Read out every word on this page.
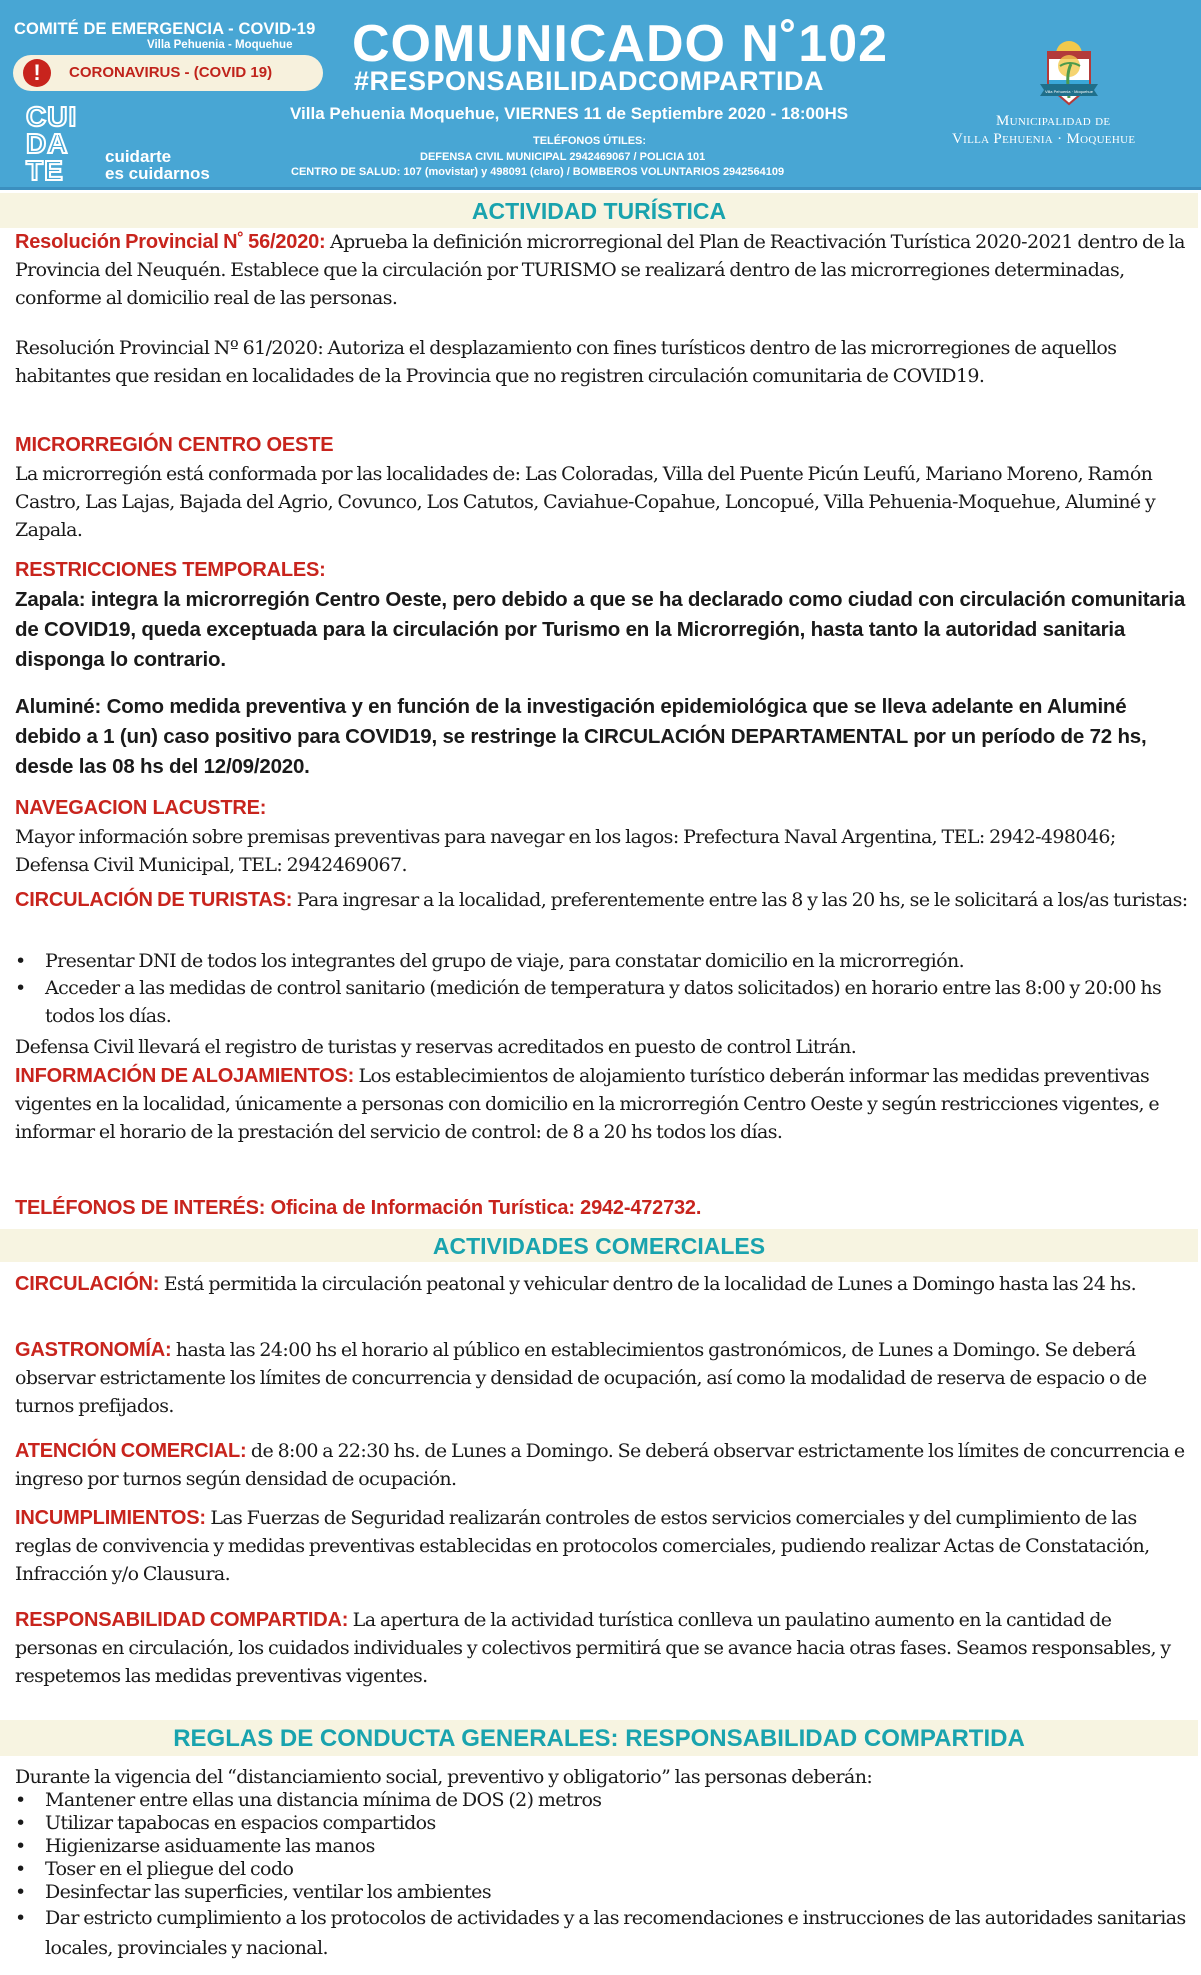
COMITÉ DE EMERGENCIA - COVID-19
Villa Pehuenia - Moquehue
!	CORONAVIRUS - (COVID 19)
CUI
DA
TE	cuidarte
es cuidarnos
COMUNICADO N˚102
#RESPONSABILIDADCOMPARTIDA
Villa Pehuenia Moquehue, VIERNES 11 de Septiembre 2020 - 18:00HS
TELÉFONOS ÚTILES:
DEFENSA CIVIL MUNICIPAL 2942469067 / POLICIA 101
CENTRO DE SALUD: 107 (movistar) y 498091 (claro) / BOMBEROS VOLUNTARIOS 2942564109
Villa Pehuenia · Moquehue
Municipalidad de
Villa Pehuenia · Moquehue
ACTIVIDAD TURÍSTICA

Resolución Provincial N˚ 56/2020: Aprueba la definición microrregional del Plan de Reactivación Turística 2020-2021 dentro de la Provincia del Neuquén. Establece que la circulación por TURISMO se realizará dentro de las microrregiones determinadas, conforme al domicilio real de las personas.

Resolución Provincial Nº 61/2020: Autoriza el desplazamiento con fines turísticos dentro de las microrregiones de aquellos habitantes que residan en localidades de la Provincia que no registren circulación comunitaria de COVID19.

MICRORREGIÓN CENTRO OESTE

La microrregión está conformada por las localidades de: Las Coloradas, Villa del Puente Picún Leufú, Mariano Moreno, Ramón Castro, Las Lajas, Bajada del Agrio, Covunco, Los Catutos, Caviahue-Copahue, Loncopué, Villa Pehuenia-Moquehue, Aluminé y Zapala.

RESTRICCIONES TEMPORALES:

Zapala: integra la microrregión Centro Oeste, pero debido a que se ha declarado como ciudad con circulación comunitaria de COVID19, queda exceptuada para la circulación por Turismo en la Microrregión, hasta tanto la autoridad sanitaria disponga lo contrario.

Aluminé: Como medida preventiva y en función de la investigación epidemiológica que se lleva adelante en Aluminé debido a 1 (un) caso positivo para COVID19, se restringe la CIRCULACIÓN DEPARTAMENTAL por un período de 72 hs, desde las 08 hs del 12/09/2020.

NAVEGACION LACUSTRE:

Mayor información sobre premisas preventivas para navegar en los lagos: Prefectura Naval Argentina, TEL: 2942-498046; Defensa Civil Municipal, TEL: 2942469067.

CIRCULACIÓN DE TURISTAS: Para ingresar a la localidad, preferentemente entre las 8 y las 20 hs, se le solicitará a los/as turistas:

•	Presentar DNI de todos los integrantes del grupo de viaje, para constatar domicilio en la microrregión.
•	Acceder a las medidas de control sanitario (medición de temperatura y datos solicitados) en horario entre las 8:00 y 20:00 hs todos los días.

Defensa Civil llevará el registro de turistas y reservas acreditados en puesto de control Litrán.

INFORMACIÓN DE ALOJAMIENTOS: Los establecimientos de alojamiento turístico deberán informar las medidas preventivas vigentes en la localidad, únicamente a personas con domicilio en la microrregión Centro Oeste y según restricciones vigentes, e informar el horario de la prestación del servicio de control: de 8 a 20 hs todos los días.

TELÉFONOS DE INTERÉS: Oficina de Información Turística: 2942-472732.
ACTIVIDADES COMERCIALES

CIRCULACIÓN: Está permitida la circulación peatonal y vehicular dentro de la localidad de Lunes a Domingo hasta las 24 hs.

GASTRONOMÍA: hasta las 24:00 hs el horario al público en establecimientos gastronómicos, de Lunes a Domingo. Se deberá observar estrictamente los límites de concurrencia y densidad de ocupación, así como la modalidad de reserva de espacio o de turnos prefijados.

ATENCIÓN COMERCIAL: de 8:00 a 22:30 hs. de Lunes a Domingo. Se deberá observar estrictamente los límites de concurrencia e ingreso por turnos según densidad de ocupación.

INCUMPLIMIENTOS: Las Fuerzas de Seguridad realizarán controles de estos servicios comerciales y del cumplimiento de las reglas de convivencia y medidas preventivas establecidas en protocolos comerciales, pudiendo realizar Actas de Constatación, Infracción y/o Clausura.

RESPONSABILIDAD COMPARTIDA: La apertura de la actividad turística conlleva un paulatino aumento en la cantidad de personas en circulación, los cuidados individuales y colectivos permitirá que se avance hacia otras fases. Seamos responsables, y respetemos las medidas preventivas vigentes.

REGLAS DE CONDUCTA GENERALES: RESPONSABILIDAD COMPARTIDA

Durante la vigencia del “distanciamiento social, preventivo y obligatorio” las personas deberán:

•	Mantener entre ellas una distancia mínima de DOS (2) metros
•	Utilizar tapabocas en espacios compartidos
•	Higienizarse asiduamente las manos
•	Toser en el pliegue del codo
•	Desinfectar las superficies, ventilar los ambientes
•	Dar estricto cumplimiento a los protocolos de actividades y a las recomendaciones e instrucciones de las autoridades sanitarias locales, provinciales y nacional.
